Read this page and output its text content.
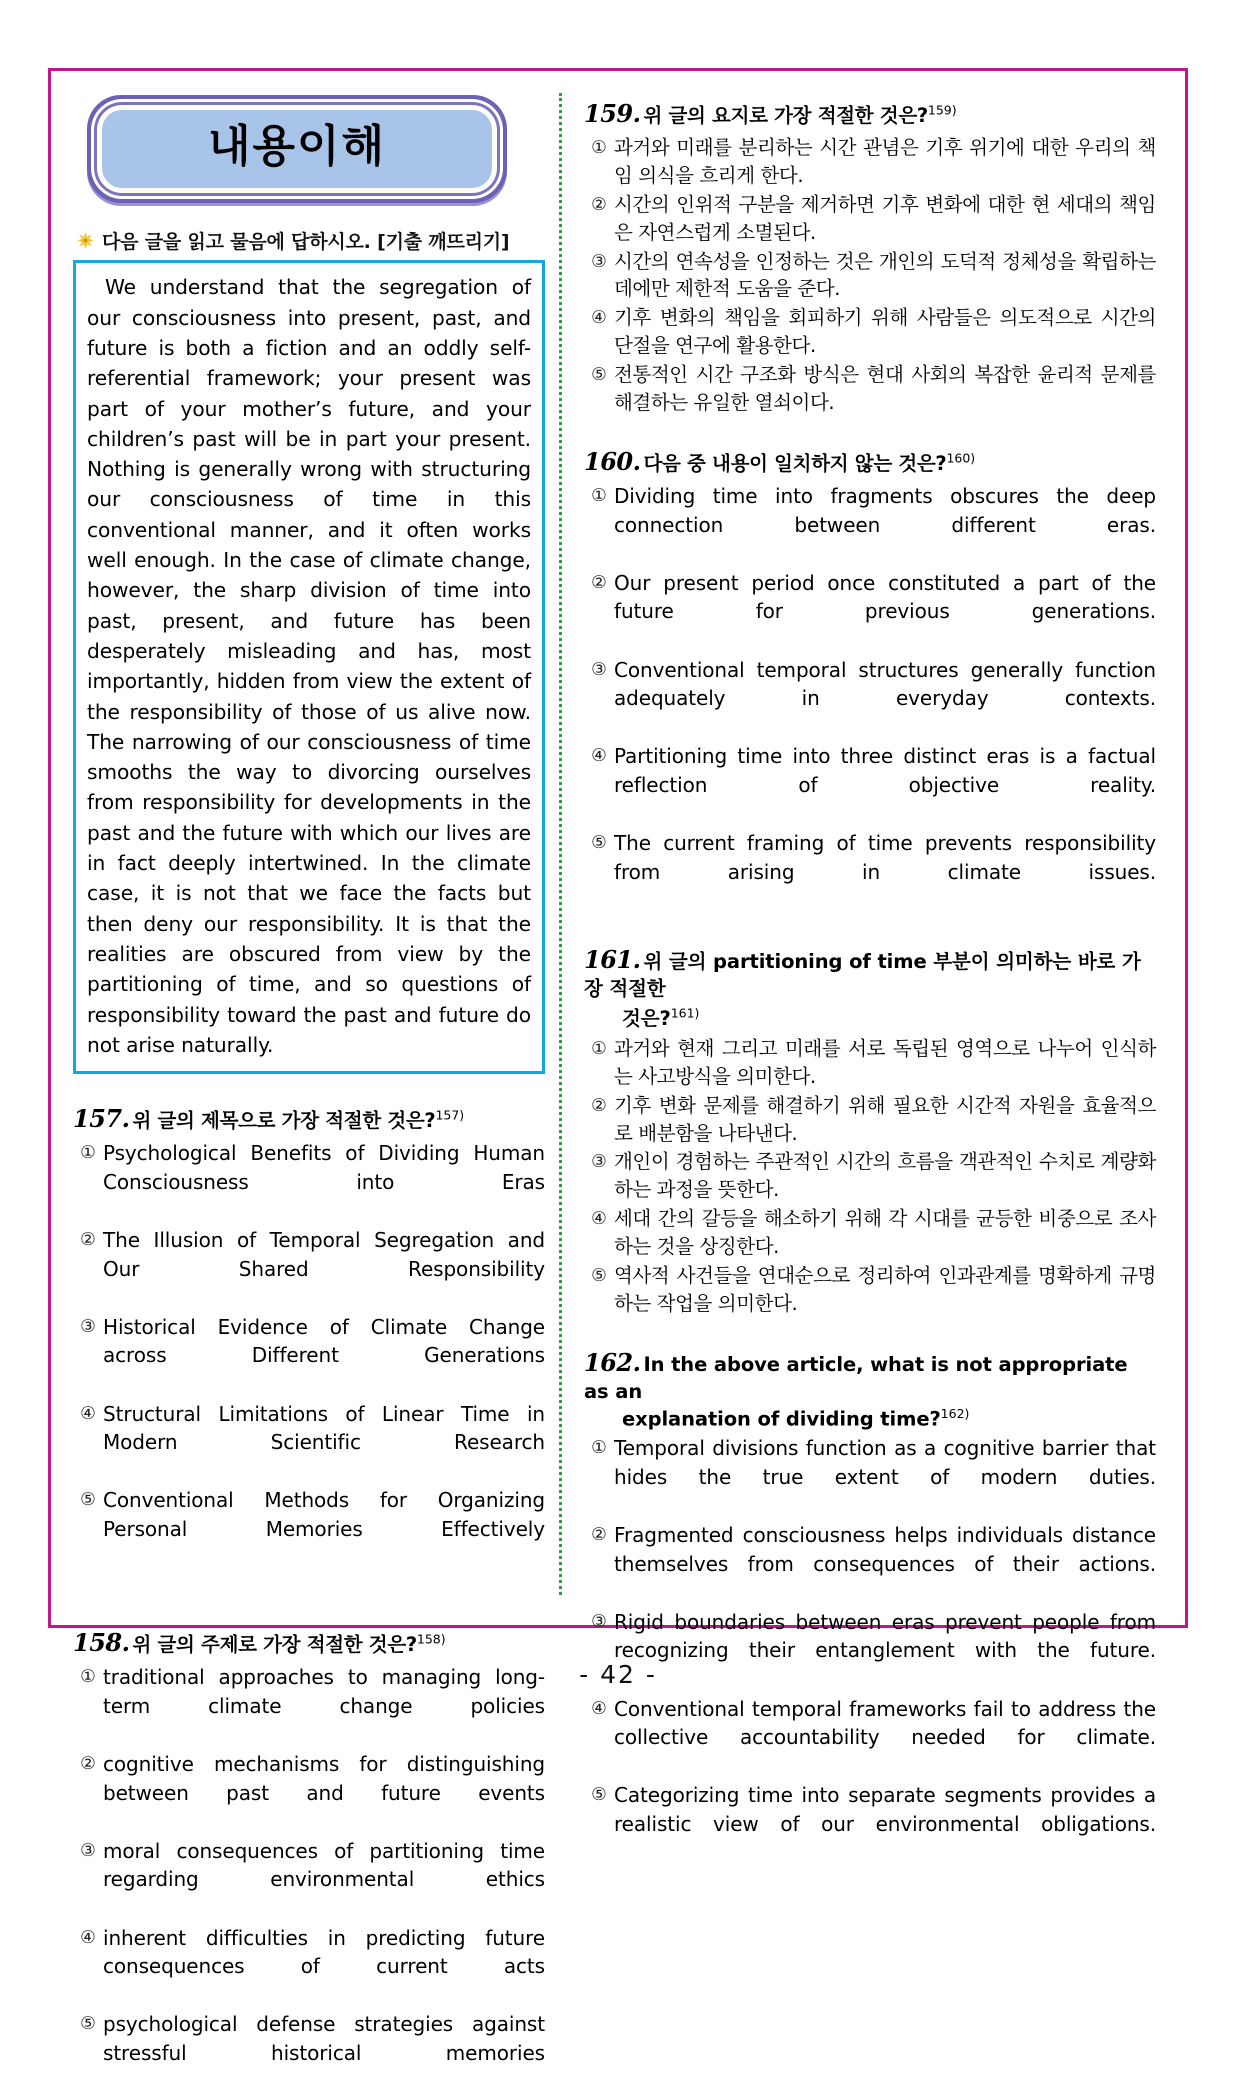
내용이해
다음 글을 읽고 물음에 답하시오. [기출 깨뜨리기]
We understand that the segregation of our consciousness into present, past, and future is both a fiction and an oddly self-referential framework; your present was part of your mother’s future, and your children’s past will be in part your present. Nothing is generally wrong with structuring our consciousness of time in this conventional manner, and it often works well enough. In the case of climate change, however, the sharp division of time into past, present, and future has been desperately misleading and has, most importantly, hidden from view the extent of the responsibility of those of us alive now. The narrowing of our consciousness of time smooths the way to divorcing ourselves from responsibility for developments in the past and the future with which our lives are in fact deeply intertwined. In the climate case, it is not that we face the facts but then deny our responsibility. It is that the realities are obscured from view by the partitioning of time, and so questions of responsibility toward the past and future do not arise naturally.
157. 위 글의 제목으로 가장 적절한 것은?$^{157)}$
① Psychological Benefits of Dividing Human Consciousness into Eras
② The Illusion of Temporal Segregation and Our Shared Responsibility
③ Historical Evidence of Climate Change across Different Generations
④ Structural Limitations of Linear Time in Modern Scientific Research
⑤ Conventional Methods for Organizing Personal Memories Effectively
158. 위 글의 주제로 가장 적절한 것은?$^{158)}$
① traditional approaches to managing long-term climate change policies
② cognitive mechanisms for distinguishing between past and future events
③ moral consequences of partitioning time regarding environmental ethics
④ inherent difficulties in predicting future consequences of current acts
⑤ psychological defense strategies against stressful historical memories
159. 위 글의 요지로 가장 적절한 것은?$^{159)}$
① 과거와 미래를 분리하는 시간 관념은 기후 위기에 대한 우리의 책임 의식을 흐리게 한다.
② 시간의 인위적 구분을 제거하면 기후 변화에 대한 현 세대의 책임은 자연스럽게 소멸된다.
③ 시간의 연속성을 인정하는 것은 개인의 도덕적 정체성을 확립하는 데에만 제한적 도움을 준다.
④ 기후 변화의 책임을 회피하기 위해 사람들은 의도적으로 시간의 단절을 연구에 활용한다.
⑤ 전통적인 시간 구조화 방식은 현대 사회의 복잡한 윤리적 문제를 해결하는 유일한 열쇠이다.
160. 다음 중 내용이 일치하지 않는 것은?$^{160)}$
① Dividing time into fragments obscures the deep connection between different eras.
② Our present period once constituted a part of the future for previous generations.
③ Conventional temporal structures generally function adequately in everyday contexts.
④ Partitioning time into three distinct eras is a factual reflection of objective reality.
⑤ The current framing of time prevents responsibility from arising in climate issues.
161. 위 글의 partitioning of time 부분이 의미하는 바로 가장 적절한
것은?$^{161)}$
① 과거와 현재 그리고 미래를 서로 독립된 영역으로 나누어 인식하는 사고방식을 의미한다.
② 기후 변화 문제를 해결하기 위해 필요한 시간적 자원을 효율적으로 배분함을 나타낸다.
③ 개인이 경험하는 주관적인 시간의 흐름을 객관적인 수치로 계량화하는 과정을 뜻한다.
④ 세대 간의 갈등을 해소하기 위해 각 시대를 균등한 비중으로 조사하는 것을 상징한다.
⑤ 역사적 사건들을 연대순으로 정리하여 인과관계를 명확하게 규명하는 작업을 의미한다.
162. In the above article, what is not appropriate as an
explanation of dividing time?$^{162)}$
① Temporal divisions function as a cognitive barrier that hides the true extent of modern duties.
② Fragmented consciousness helps individuals distance themselves from consequences of their actions.
③ Rigid boundaries between eras prevent people from recognizing their entanglement with the future.
④ Conventional temporal frameworks fail to address the collective accountability needed for climate.
⑤ Categorizing time into separate segments provides a realistic view of our environmental obligations.
- 42 -
